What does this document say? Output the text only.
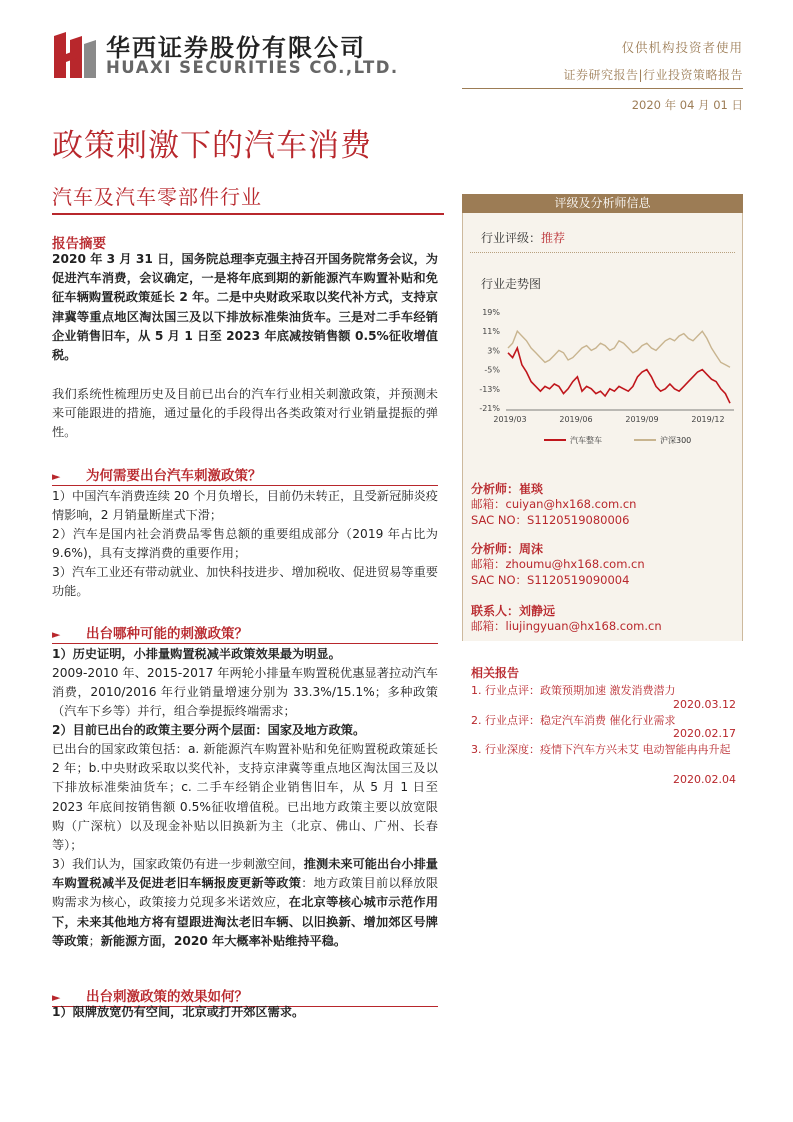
华西证券股份有限公司
HUAXI SECURITIES CO.,LTD.
仅供机构投资者使用
证券研究报告|行业投资策略报告
2020 年 04 月 01 日
政策刺激下的汽车消费
汽车及汽车零部件行业
报告摘要

2020 年 3 月 31 日，国务院总理李克强主持召开国务院常务会议，为促进汽车消费，会议确定，一是将年底到期的新能源汽车购置补贴和免征车辆购置税政策延长 2 年。二是中央财政采取以奖代补方式，支持京津冀等重点地区淘汰国三及以下排放标准柴油货车。三是对二手车经销企业销售旧车，从 5 月 1 日至 2023 年底减按销售额 0.5%征收增值税。

我们系统性梳理历史及目前已出台的汽车行业相关刺激政策，并预测未来可能跟进的措施，通过量化的手段得出各类政策对行业销量提振的弹性。

► 为何需要出台汽车刺激政策？

1）中国汽车消费连续 20 个月负增长，目前仍未转正，且受新冠肺炎疫情影响，2 月销量断崖式下滑；

2）汽车是国内社会消费品零售总额的重要组成部分（2019 年占比为 9.6%)，具有支撑消费的重要作用；

3）汽车工业还有带动就业、加快科技进步、增加税收、促进贸易等重要功能。

► 出台哪种可能的刺激政策？

1）历史证明，小排量购置税减半政策效果最为明显。

2009-2010 年、2015-2017 年两轮小排量车购置税优惠显著拉动汽车消费，2010/2016 年行业销量增速分别为 33.3%/15.1%；多种政策（汽车下乡等）并行，组合拳提振终端需求；

2）目前已出台的政策主要分两个层面：国家及地方政策。

已出台的国家政策包括：a. 新能源汽车购置补贴和免征购置税政策延长 2 年；b.中央财政采取以奖代补，支持京津冀等重点地区淘汰国三及以下排放标准柴油货车；c. 二手车经销企业销售旧车，从 5 月 1 日至 2023 年底间按销售额 0.5%征收增值税。已出地方政策主要以放宽限购（广深杭）以及现金补贴以旧换新为主（北京、佛山、广州、长春等）；

3）我们认为，国家政策仍有进一步刺激空间，推测未来可能出台小排量车购置税减半及促进老旧车辆报废更新等政策：地方政策目前以释放限购需求为核心，政策接力兑现多米诺效应，在北京等核心城市示范作用下，未来其他地方将有望跟进淘汰老旧车辆、以旧换新、增加郊区号牌等政策；新能源方面，2020 年大概率补贴维持平稳。

► 出台刺激政策的效果如何？

1）限牌放宽仍有空间，北京或打开郊区需求。

评级及分析师信息
行业评级：推荐
行业走势图
19%
11%
3%
-5%
-13%
-21%
2019/03	2019/06	2019/09	2019/12
汽车整车	沪深300
分析师：崔琰
邮箱：cuiyan@hx168.com.cn
SAC NO：S1120519080006
分析师：周沫
邮箱：zhoumu@hx168.com.cn
SAC NO：S1120519090004
联系人：刘静远
邮箱：liujingyuan@hx168.com.cn
相关报告
1. 行业点评：政策预期加速 激发消费潜力
2020.03.12
2. 行业点评：稳定汽车消费 催化行业需求
2020.02.17
3. 行业深度：疫情下汽车方兴未艾 电动智能冉冉升起
2020.02.04
